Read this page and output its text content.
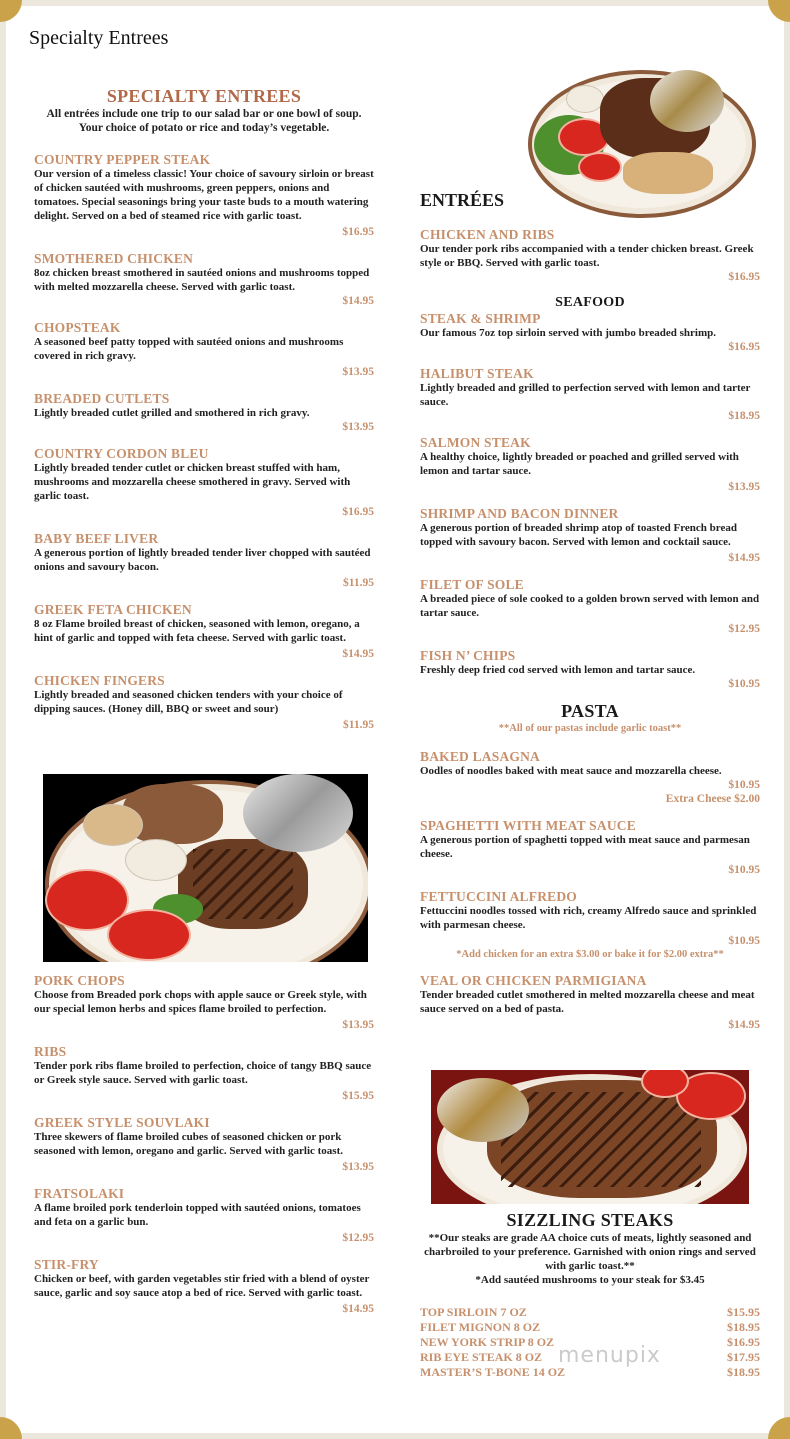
Specialty Entrees
SPECIALTY ENTREES
All entrées include one trip to our salad bar or one bowl of soup.
Your choice of potato or rice and today’s vegetable.
COUNTRY PEPPER STEAK
Our version of a timeless classic! Your choice of savoury sirloin or breast of chicken sautéed with mushrooms, green peppers, onions and tomatoes. Special seasonings bring your taste buds to a mouth watering delight. Served on a bed of steamed rice with garlic toast.
$16.95
SMOTHERED CHICKEN
8oz chicken breast smothered in sautéed onions and mushrooms topped with melted mozzarella cheese. Served with garlic toast.
$14.95
CHOPSTEAK
A seasoned beef patty topped with sautéed onions and mushrooms covered in rich gravy.
$13.95
BREADED CUTLETS
Lightly breaded cutlet grilled and smothered in rich gravy.
$13.95
COUNTRY CORDON BLEU
Lightly breaded tender cutlet or chicken breast stuffed with ham, mushrooms and mozzarella cheese smothered in gravy. Served with garlic toast.
$16.95
BABY BEEF LIVER
A generous portion of lightly breaded tender liver chopped with sautéed onions and savoury bacon.
$11.95
GREEK FETA CHICKEN
8 oz Flame broiled breast of chicken, seasoned with lemon, oregano, a hint of garlic and topped with feta cheese. Served with garlic toast.
$14.95
CHICKEN FINGERS
Lightly breaded and seasoned chicken tenders with your choice of dipping sauces. (Honey dill, BBQ or sweet and sour)
$11.95
PORK CHOPS
Choose from Breaded pork chops with apple sauce or Greek style, with our special lemon herbs and spices flame broiled to perfection.
$13.95
RIBS
Tender pork ribs flame broiled to perfection, choice of tangy BBQ sauce or Greek style sauce. Served with garlic toast.
$15.95
GREEK STYLE SOUVLAKI
Three skewers of flame broiled cubes of seasoned chicken or pork seasoned with lemon, oregano and garlic. Served with garlic toast.
$13.95
FRATSOLAKI
A flame broiled pork tenderloin topped with sautéed onions, tomatoes and feta on a garlic bun.
$12.95
STIR-FRY
Chicken or beef, with garden vegetables stir fried with a blend of oyster sauce, garlic and soy sauce atop a bed of rice. Served with garlic toast.
$14.95
ENTRÉES
CHICKEN AND RIBS
Our tender pork ribs accompanied with a tender chicken breast. Greek style or BBQ. Served with garlic toast.
$16.95
SEAFOOD
STEAK & SHRIMP
Our famous 7oz top sirloin served with jumbo breaded shrimp.
$16.95
HALIBUT STEAK
Lightly breaded and grilled to perfection served with lemon and tarter sauce.
$18.95
SALMON STEAK
A healthy choice, lightly breaded or poached and grilled served with lemon and tartar sauce.
$13.95
SHRIMP AND BACON DINNER
A generous portion of breaded shrimp atop of toasted French bread topped with savoury bacon. Served with lemon and cocktail sauce.
$14.95
FILET OF SOLE
A breaded piece of sole cooked to a golden brown served with lemon and tartar sauce.
$12.95
FISH N’ CHIPS
Freshly deep fried cod served with lemon and tartar sauce.
$10.95
PASTA
**All of our pastas include garlic toast**
BAKED LASAGNA
Oodles of noodles baked with meat sauce and mozzarella cheese.
$10.95
Extra Cheese $2.00
SPAGHETTI WITH MEAT SAUCE
A generous portion of spaghetti topped with meat sauce and parmesan cheese.
$10.95
FETTUCCINI ALFREDO
Fettuccini noodles tossed with rich, creamy Alfredo sauce and sprinkled with parmesan cheese.
$10.95
*Add chicken for an extra $3.00 or bake it for $2.00 extra**
VEAL OR CHICKEN PARMIGIANA
Tender breaded cutlet smothered in melted mozzarella cheese and meat sauce served on a bed of pasta.
$14.95
SIZZLING STEAKS
**Our steaks are grade AA choice cuts of meats, lightly seasoned and charbroiled to your preference. Garnished with onion rings and served with garlic toast.**
*Add sautéed mushrooms to your steak for $3.45
TOP SIRLOIN 7 OZ	$15.95
FILET MIGNON 8 OZ	$18.95
NEW YORK STRIP 8 OZ	$16.95
RIB EYE STEAK 8 OZ	$17.95
MASTER’S T-BONE 14 OZ	$18.95
menupix
